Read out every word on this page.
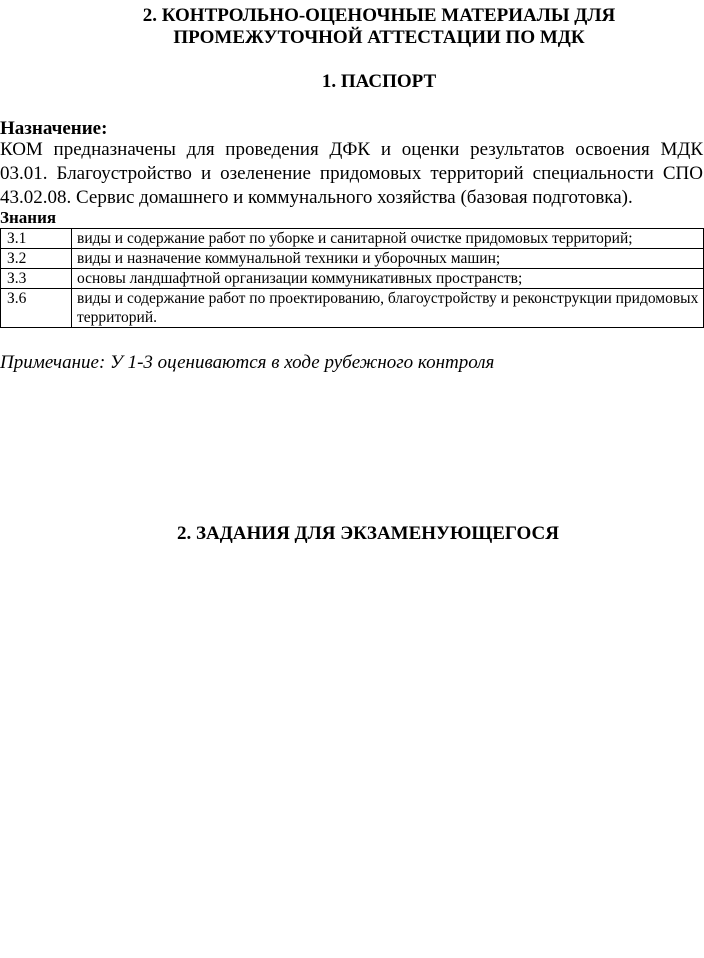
2. КОНТРОЛЬНО-ОЦЕНОЧНЫЕ МАТЕРИАЛЫ ДЛЯ
ПРОМЕЖУТОЧНОЙ АТТЕСТАЦИИ ПО МДК
1. ПАСПОРТ
Назначение:
КОМ предназначены для проведения ДФК и оценки результатов освоения МДК
03.01. Благоустройство и озеленение придомовых территорий специальности СПО
43.02.08. Сервис домашнего и коммунального хозяйства (базовая подготовка).
Знания
З.1	виды и содержание работ по уборке и санитарной очистке придомовых территорий;
З.2	виды и назначение коммунальной техники и уборочных машин;
З.3	основы ландшафтной организации коммуникативных пространств;
З.6	виды и содержание работ по проектированию, благоустройству и реконструкции придомовых территорий.
Примечание: У 1-3 оцениваются в ходе рубежного контроля
2. ЗАДАНИЯ ДЛЯ ЭКЗАМЕНУЮЩЕГОСЯ
